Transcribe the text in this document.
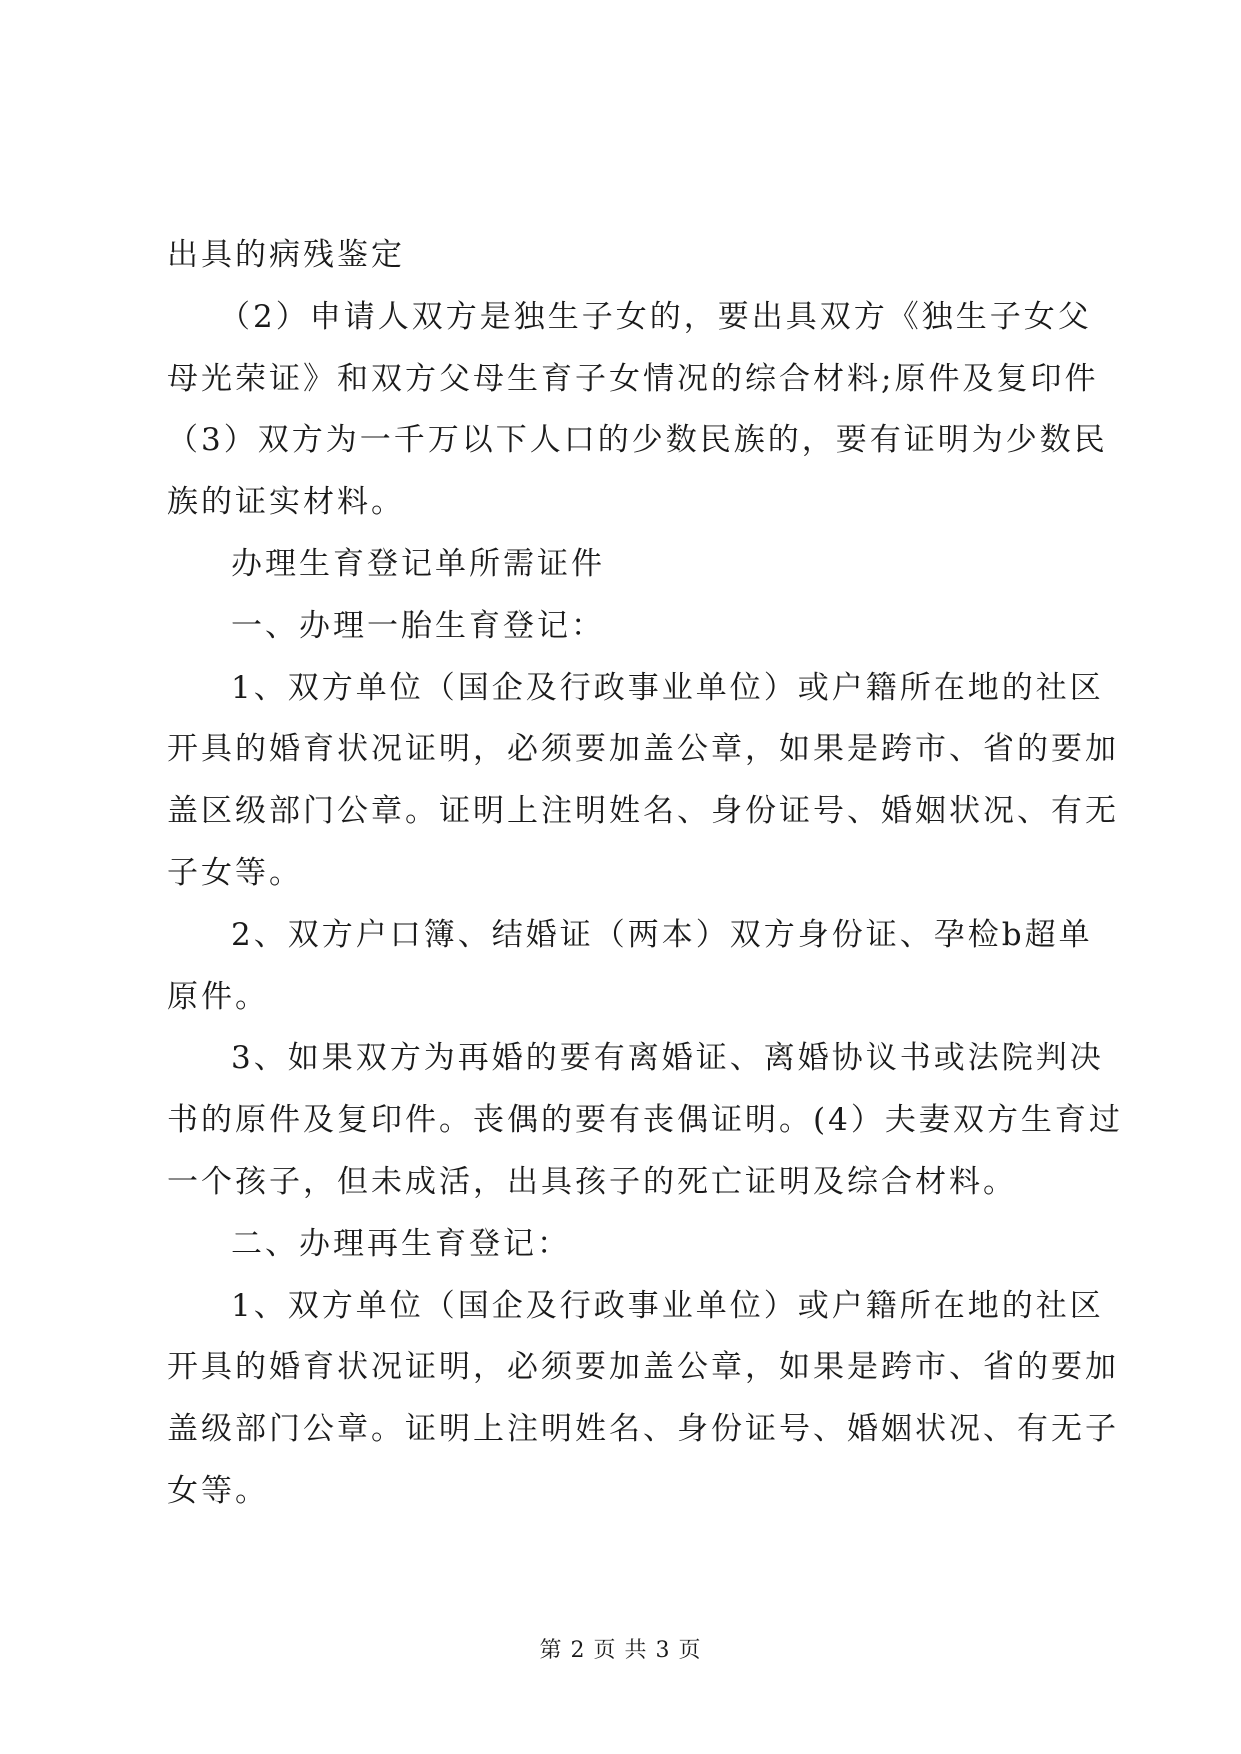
出具的病残鉴定
（2）申请人双方是独生子女的，要出具双方《独生子女父
母光荣证》和双方父母生育子女情况的综合材料;原件及复印件
（3）双方为一千万以下人口的少数民族的，要有证明为少数民
族的证实材料。
办理生育登记单所需证件
一、办理一胎生育登记：
1、双方单位（国企及行政事业单位）或户籍所在地的社区
开具的婚育状况证明，必须要加盖公章，如果是跨市、省的要加
盖区级部门公章。证明上注明姓名、身份证号、婚姻状况、有无
子女等。
2、双方户口簿、结婚证（两本）双方身份证、孕检b超单
原件。
3、如果双方为再婚的要有离婚证、离婚协议书或法院判决
书的原件及复印件。丧偶的要有丧偶证明。(4）夫妻双方生育过
一个孩子，但未成活，出具孩子的死亡证明及综合材料。
二、办理再生育登记：
1、双方单位（国企及行政事业单位）或户籍所在地的社区
开具的婚育状况证明，必须要加盖公章，如果是跨市、省的要加
盖级部门公章。证明上注明姓名、身份证号、婚姻状况、有无子
女等。
第 2 页 共 3 页
